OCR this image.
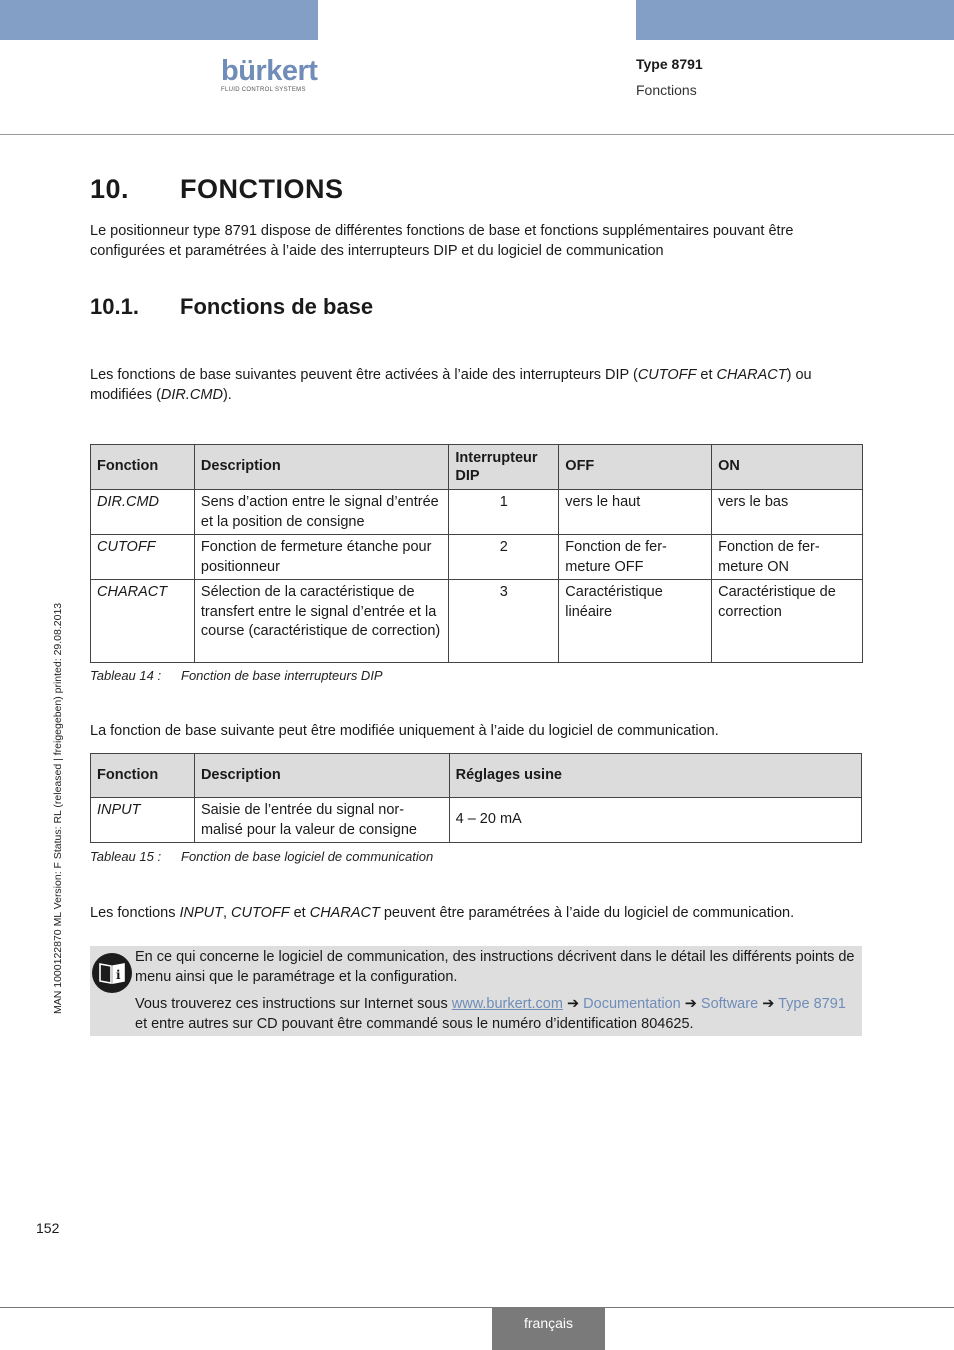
bürkert
FLUID CONTROL SYSTEMS
Type 8791
Fonctions
10. FONCTIONS
Le positionneur type 8791 dispose de différentes fonctions de base et fonctions supplémentaires pouvant être configurées et paramétrées à l’aide des interrupteurs DIP et du logiciel de communication
10.1. Fonctions de base
Les fonctions de base suivantes peuvent être activées à l’aide des interrupteurs DIP (CUTOFF et CHARACT) ou modifiées (DIR.CMD).
Fonction	Description	Interrupteur DIP	OFF	ON
DIR.CMD	Sens d’action entre le signal d’entrée et la position de consigne	1	vers le haut	vers le bas
CUTOFF	Fonction de fermeture étanche pour positionneur	2	Fonction de fer-meture OFF	Fonction de fer-meture ON
CHARACT	Sélection de la caractéristique de transfert entre le signal d’entrée et la course (caractéristique de correction)	3	Caractéristique linéaire	Caractéristique de correction
Tableau 14 : Fonction de base interrupteurs DIP
La fonction de base suivante peut être modifiée uniquement à l’aide du logiciel de communication.
Fonction	Description	Réglages usine
INPUT	Saisie de l’entrée du signal nor-malisé pour la valeur de consigne	4 – 20 mA
Tableau 15 : Fonction de base logiciel de communication
Les fonctions INPUT, CUTOFF et CHARACT peuvent être paramétrées à l’aide du logiciel de communication.
i
En ce qui concerne le logiciel de communication, des instructions décrivent dans le détail les différents points de menu ainsi que le paramétrage et la configuration.
Vous trouverez ces instructions sur Internet sous www.burkert.com ➔ Documentation ➔ Software ➔ Type 8791 et entre autres sur CD pouvant être commandé sous le numéro d’identification 804625.
MAN 1000122870 ML Version: F Status: RL (released | freigegeben) printed: 29.08.2013
152
français
